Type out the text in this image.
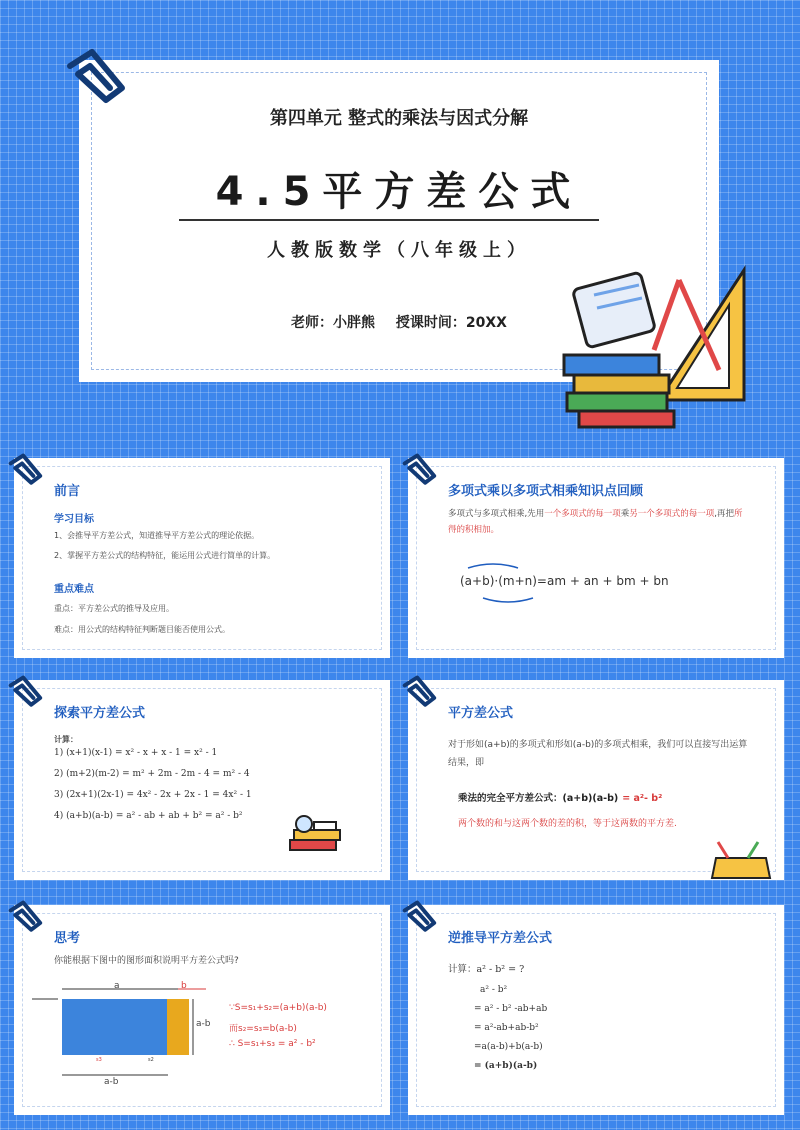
第四单元 整式的乘法与因式分解
4.5平方差公式
人教版数学（八年级上）
老师：小胖熊 授课时间：20XX
前言
学习目标
1、会推导平方差公式，知道推导平方差公式的理论依据。
2、掌握平方差公式的结构特征，能运用公式进行简单的计算。
重点难点
重点：平方差公式的推导及应用。
难点：用公式的结构特征判断题目能否使用公式。
多项式乘以多项式相乘知识点回顾
多项式与多项式相乘,先用一个多项式的每一项乘另一个多项式的每一项,再把所得的积相加。
(a+b)·(m+n)=am + an + bm + bn
探索平方差公式
计算：
1) (x+1)(x-1) = x² - x + x - 1 = x² - 1
2) (m+2)(m-2) = m² + 2m - 2m - 4 = m² - 4
3) (2x+1)(2x-1) = 4x² - 2x + 2x - 1 = 4x² - 1
4) (a+b)(a-b) = a² - ab + ab + b² = a² - b²
平方差公式
对于形如(a+b)的多项式和形如(a-b)的多项式相乘，我们可以直接写出运算结果，即
乘法的完全平方差公式：(a+b)(a-b) = a²- b²
两个数的和与这两个数的差的积，等于这两数的平方差.
思考
你能根据下图中的图形面积说明平方差公式吗?
a	b
a-b
a-b
s3	s2
∵S=s₁+s₂=(a+b)(a-b)
而s₂=s₃=b(a-b)
∴ S=s₁+s₃ = a² - b²
逆推导平方差公式
计算：a² - b² = ?
a² - b²
= a² - b² -ab+ab
= a²-ab+ab-b²
=a(a-b)+b(a-b)
= (a+b)(a-b)
